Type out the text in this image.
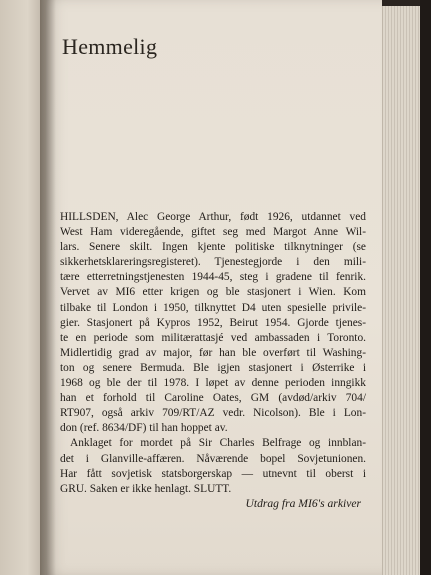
Hemmelig
HILLSDEN, Alec George Arthur, født 1926, utdannet ved
West Ham videregående, giftet seg med Margot Anne Wil-
lars. Senere skilt. Ingen kjente politiske tilknytninger (se
sikkerhetsklareringsregisteret). Tjenestegjorde i den mili-
tære etterretningstjenesten 1944-45, steg i gradene til fenrik.
Vervet av MI6 etter krigen og ble stasjonert i Wien. Kom
tilbake til London i 1950, tilknyttet D4 uten spesielle privile-
gier. Stasjonert på Kypros 1952, Beirut 1954. Gjorde tjenes-
te en periode som militærattasjé ved ambassaden i Toronto.
Midlertidig grad av major, før han ble overført til Washing-
ton og senere Bermuda. Ble igjen stasjonert i Østerrike i
1968 og ble der til 1978. I løpet av denne perioden inngikk
han et forhold til Caroline Oates, GM (avdød/arkiv 704/
RT907, også arkiv 709/RT/AZ vedr. Nicolson). Ble i Lon-
don (ref. 8634/DF) til han hoppet av.
Anklaget for mordet på Sir Charles Belfrage og innblan-
det i Glanville-affæren. Nåværende bopel Sovjetunionen.
Har fått sovjetisk statsborgerskap — utnevnt til oberst i
GRU. Saken er ikke henlagt. SLUTT.
Utdrag fra MI6's arkiver
